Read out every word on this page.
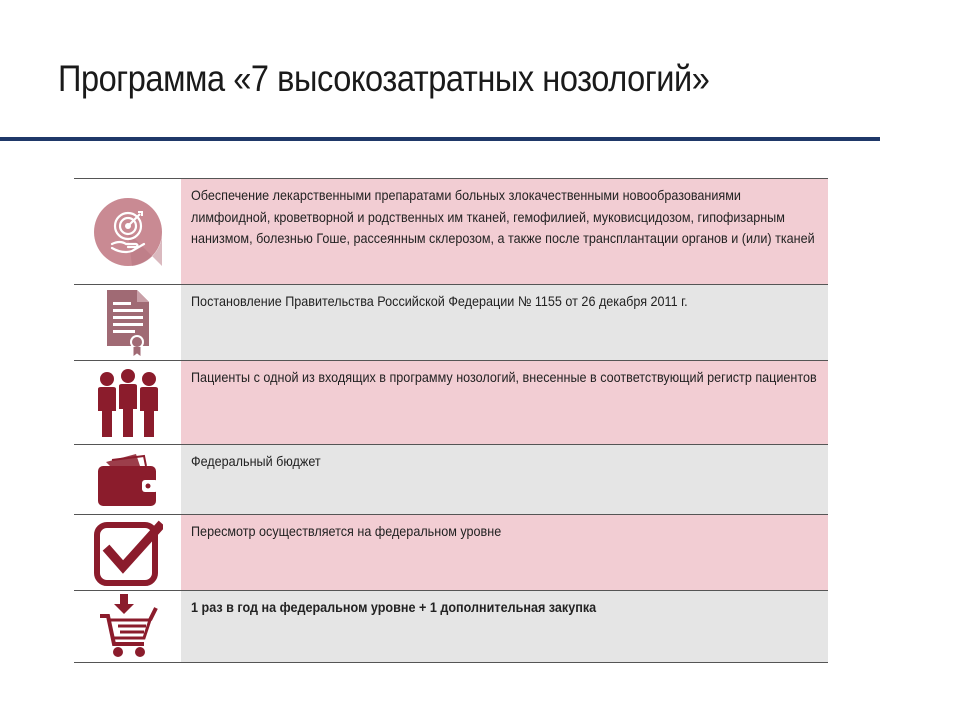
Программа «7 высокозатратных нозологий»
Обеспечение лекарственными препаратами больных злокачественными новообразованиями лимфоидной, кроветворной и родственных им тканей, гемофилией, муковисцидозом, гипофизарным нанизмом, болезнью Гоше, рассеянным склерозом, а также после трансплантации органов и (или) тканей
Постановление Правительства Российской Федерации № 1155 от 26 декабря 2011 г.
Пациенты с одной из входящих в программу нозологий, внесенные в соответствующий регистр пациентов
Федеральный бюджет
Пересмотр осуществляется на федеральном уровне
1 раз в год на федеральном уровне + 1 дополнительная закупка
